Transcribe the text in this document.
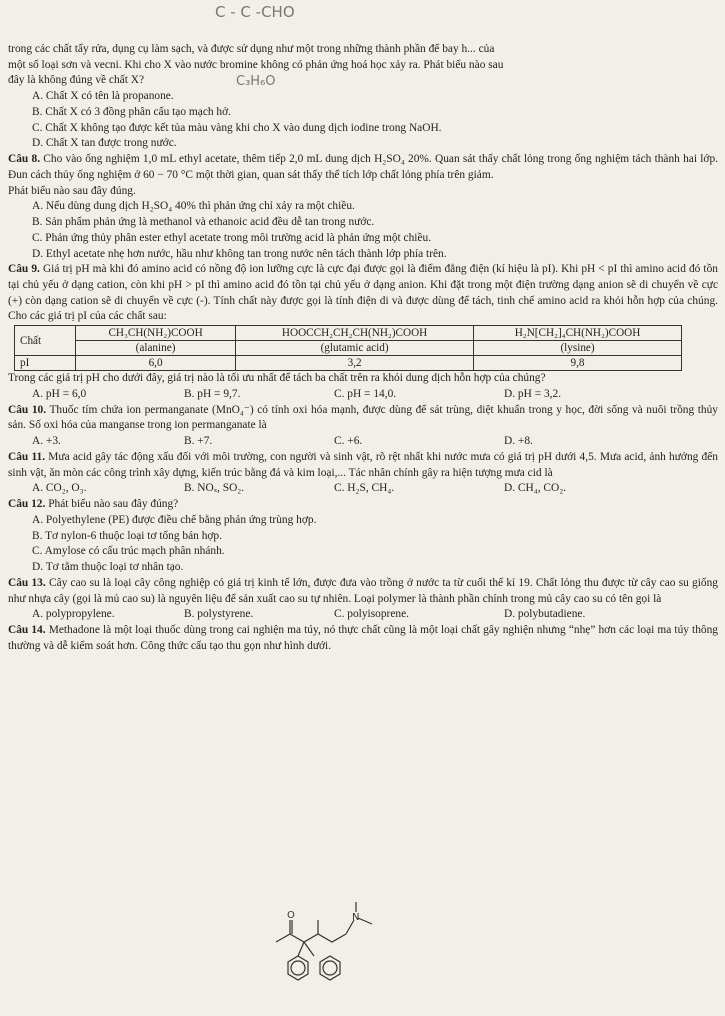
C - C -CHO
C₃H₆O

trong các chất tẩy rửa, dụng cụ làm sạch, và được sử dụng như một trong những thành phần để bay h... của

một số loại sơn và vecni. Khi cho X vào nước bromine không có phản ứng hoá học xảy ra. Phát biểu nào sau

đây là không đúng về chất X?

A. Chất X có tên là propanone.

B. Chất X có 3 đồng phân cấu tạo mạch hở.

C. Chất X không tạo được kết tủa màu vàng khi cho X vào dung dịch iodine trong NaOH.

D. Chất X tan được trong nước.

Câu 8. Cho vào ống nghiệm 1,0 mL ethyl acetate, thêm tiếp 2,0 mL dung dịch H₂SO₄ 20%. Quan sát thấy chất lỏng trong ống nghiệm tách thành hai lớp. Đun cách thủy ống nghiệm ở 60 − 70 °C một thời gian, quan sát thấy thể tích lớp chất lỏng phía trên giảm.

Phát biểu nào sau đây đúng.

A. Nếu dùng dung dịch H₂SO₄ 40% thì phản ứng chỉ xảy ra một chiều.

B. Sản phẩm phản ứng là methanol và ethanoic acid đều dễ tan trong nước.

C. Phản ứng thủy phân ester ethyl acetate trong môi trường acid là phản ứng một chiều.

D. Ethyl acetate nhẹ hơn nước, hầu như không tan trong nước nên tách thành lớp phía trên.

Câu 9. Giá trị pH mà khi đó amino acid có nồng độ ion lưỡng cực là cực đại được gọi là điểm đẳng điện (kí hiệu là pI). Khi pH < pI thì amino acid đó tồn tại chủ yếu ở dạng cation, còn khi pH > pI thì amino acid đó tồn tại chủ yếu ở dạng anion. Khi đặt trong một điện trường dạng anion sẽ di chuyển về cực (+) còn dạng cation sẽ di chuyển về cực (-). Tính chất này được gọi là tính điện di và được dùng để tách, tinh chế amino acid ra khỏi hỗn hợp của chúng. Cho các giá trị pI của các chất sau:

Chất	CH₃CH(NH₂)COOH	HOOCCH₂CH₂CH(NH₂)COOH	H₂N[CH₂]₄CH(NH₂)COOH
	(alanine)	(glutamic acid)	(lysine)
pI	6,0	3,2	9,8

Trong các giá trị pH cho dưới đây, giá trị nào là tối ưu nhất để tách ba chất trên ra khỏi dung dịch hỗn hợp của chúng?

A. pH = 6,0	B. pH = 9,7.	C. pH = 14,0.	D. pH = 3,2.

Câu 10. Thuốc tím chứa ion permanganate (MnO₄⁻) có tính oxi hóa mạnh, được dùng để sát trùng, diệt khuẩn trong y học, đời sống và nuôi trồng thủy sản. Số oxi hóa của manganse trong ion permanganate là

A. +3.	B. +7.	C. +6.	D. +8.

Câu 11. Mưa acid gây tác động xấu đối với môi trường, con người và sinh vật, rõ rệt nhất khi nước mưa có giá trị pH dưới 4,5. Mưa acid, ảnh hưởng đến sinh vật, ăn mòn các công trình xây dựng, kiến trúc bằng đá và kim loại,... Tác nhân chính gây ra hiện tượng mưa cid là

A. CO₂, O₃.	B. NOₓ, SO₂.	C. H₂S, CH₄.	D. CH₄, CO₂.

Câu 12. Phát biểu nào sau đây đúng?

A. Polyethylene (PE) được điều chế bằng phản ứng trùng hợp.

B. Tơ nylon-6 thuộc loại tơ tổng bán hợp.

C. Amylose có cấu trúc mạch phân nhánh.

D. Tơ tằm thuộc loại tơ nhân tạo.

Câu 13. Cây cao su là loại cây công nghiệp có giá trị kinh tế lớn, được đưa vào trồng ở nước ta từ cuối thế kỉ 19. Chất lỏng thu được từ cây cao su giống như nhựa cây (gọi là mủ cao su) là nguyên liệu để sản xuất cao su tự nhiên. Loại polymer là thành phần chính trong mủ cây cao su có tên gọi là

A. polypropylene.	B. polystyrene.	C. polyisoprene.	D. polybutadiene.

Câu 14. Methadone là một loại thuốc dùng trong cai nghiện ma túy, nó thực chất cũng là một loại chất gây nghiện nhưng “nhẹ” hơn các loại ma túy thông thường và dễ kiểm soát hơn. Công thức cấu tạo thu gọn như hình dưới.

O	N
